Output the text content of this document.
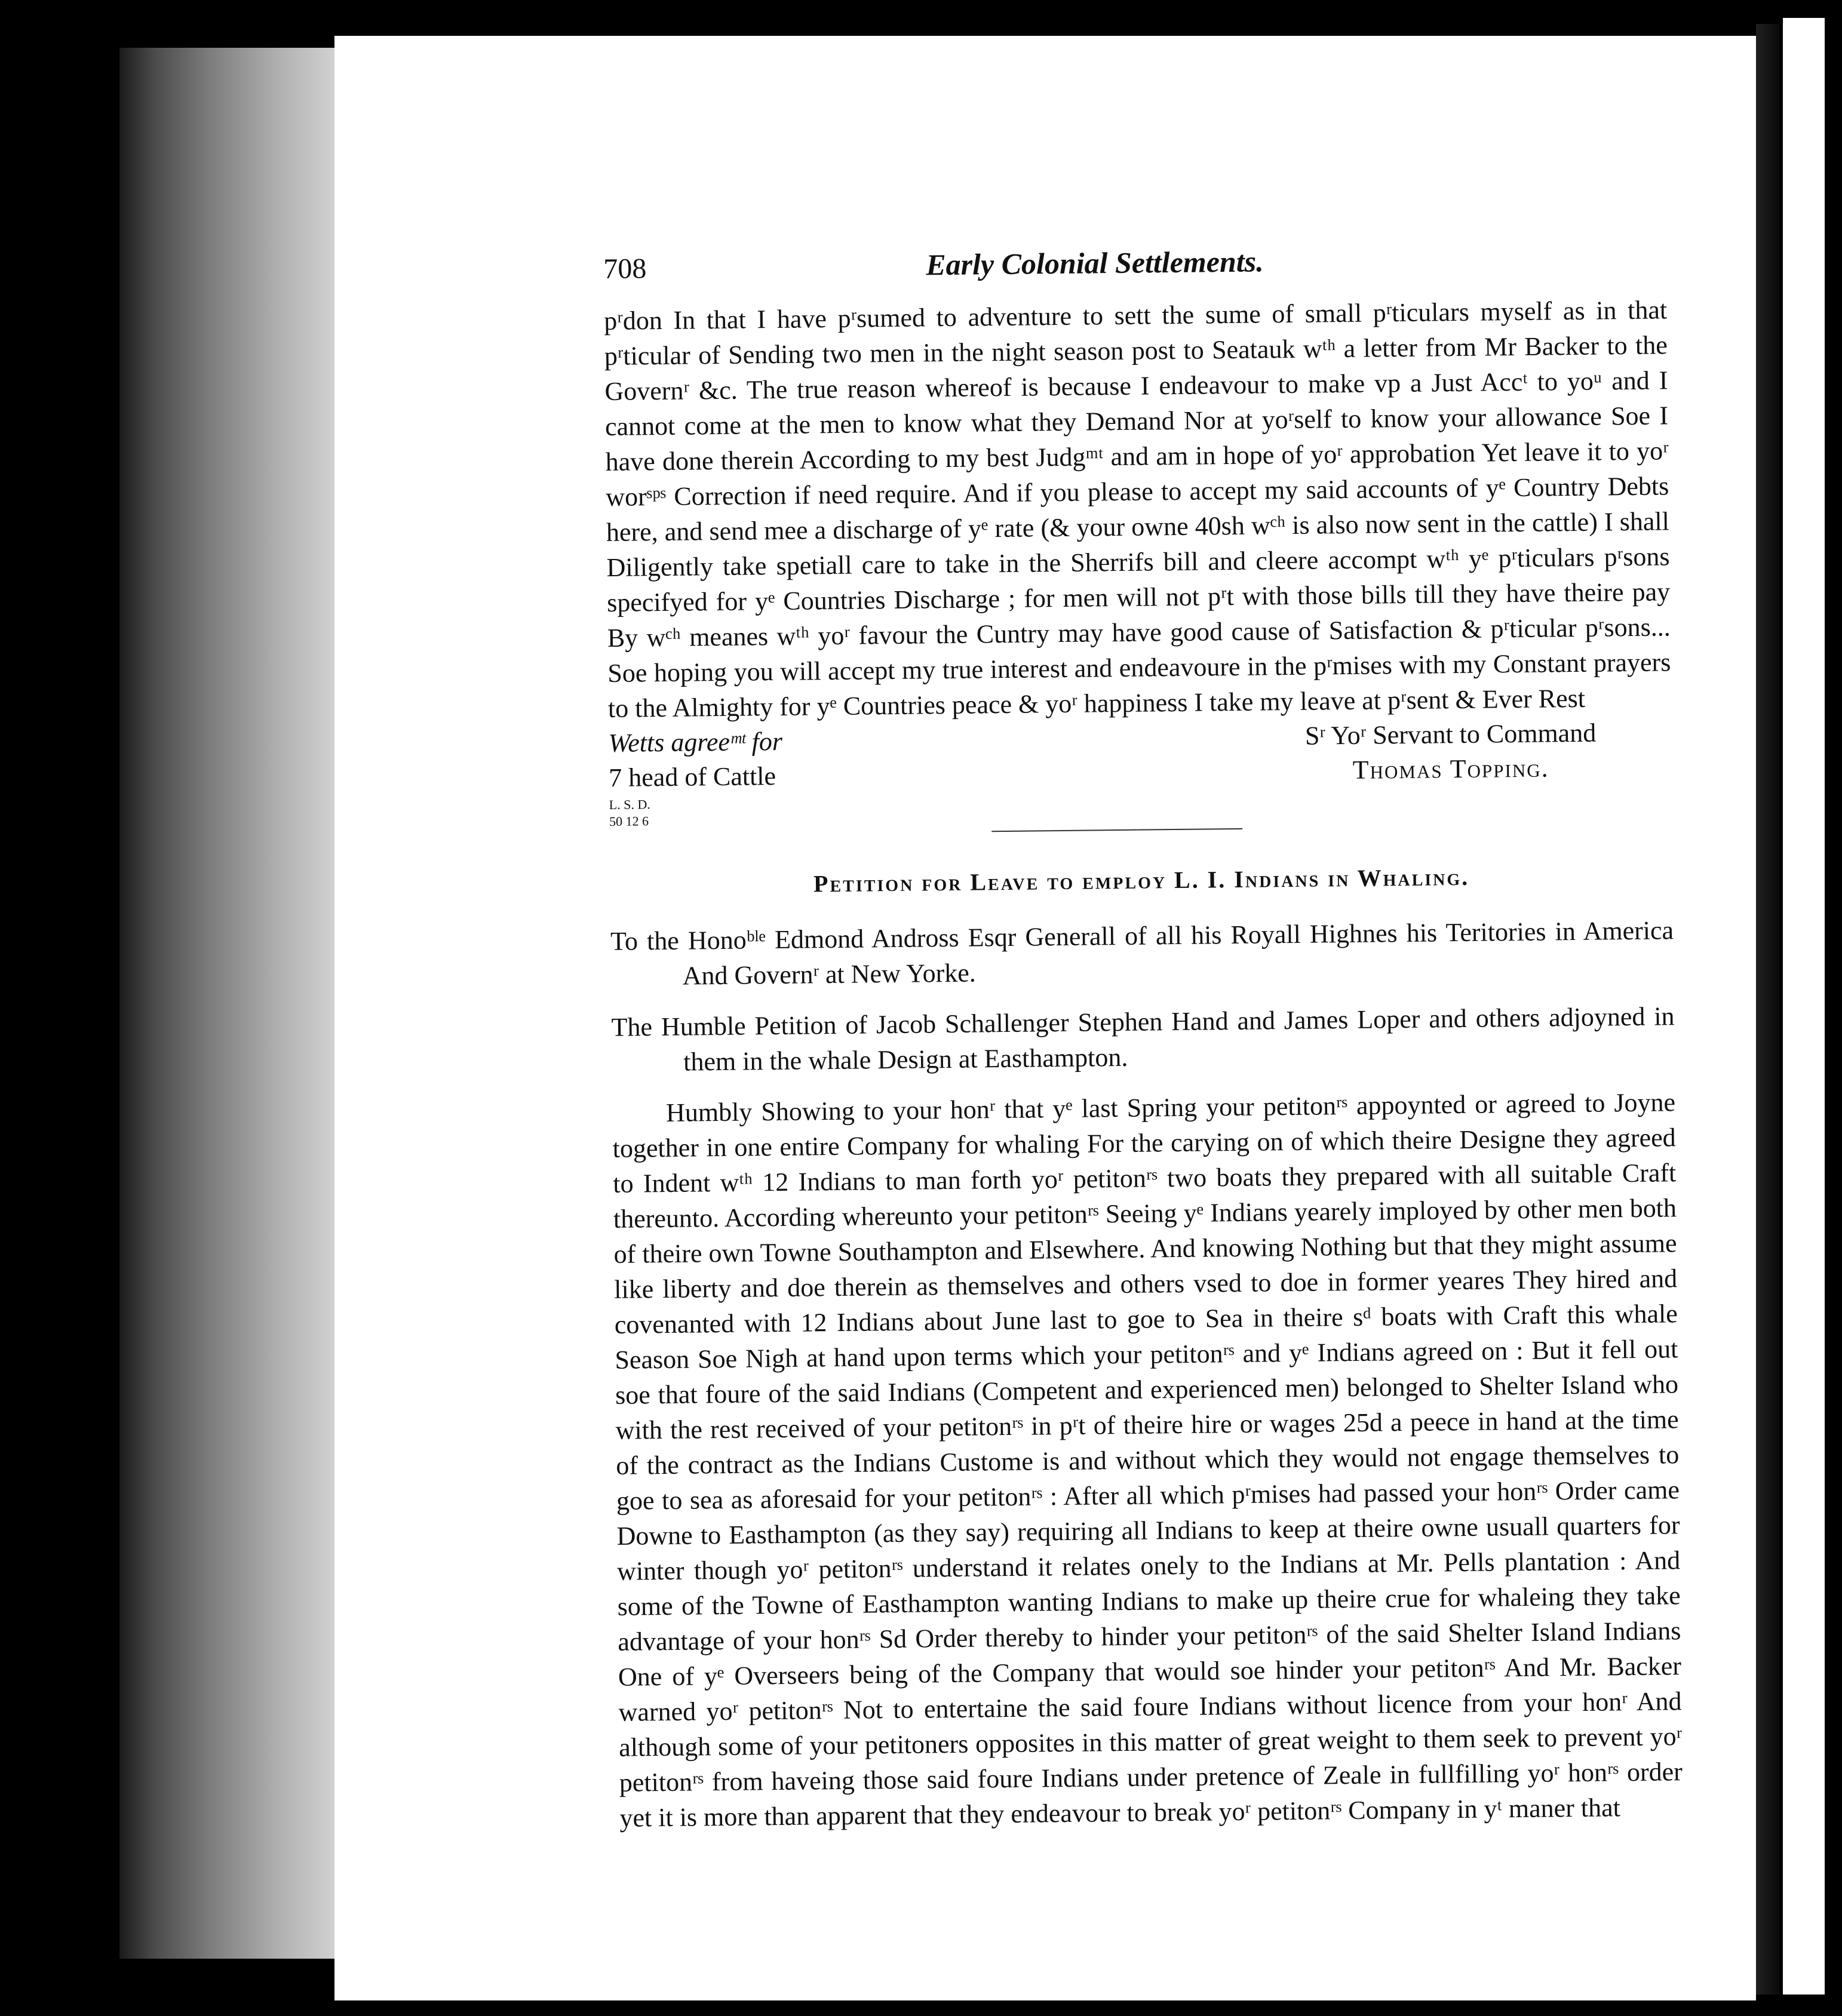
708	Early Colonial Settlements.

pʳdon In that I have pʳsumed to adventure to sett the sume of small pʳticulars myself as in that pʳticular of Sending two men in the night season post to Seatauk wᵗʰ a letter from Mr Backer to the Governʳ &c. The true reason whereof is because I endeavour to make vp a Just Accᵗ to yoᵘ and I cannot come at the men to know what they Demand Nor at yoʳself to know your allowance Soe I have done therein According to my best Judgᵐᵗ and am in hope of yoʳ approbation Yet leave it to yoʳ worˢᵖˢ Correction if need require. And if you please to accept my said accounts of yᵉ Country Debts here, and send mee a discharge of yᵉ rate (& your owne 40sh wᶜʰ is also now sent in the cattle) I shall Diligently take spetiall care to take in the Sherrifs bill and cleere accompt wᵗʰ yᵉ pʳticulars pʳsons specifyed for yᵉ Countries Discharge ; for men will not pʳt with those bills till they have theire pay By wᶜʰ meanes wᵗʰ yoʳ favour the Cuntry may have good cause of Satisfaction & pʳticular pʳsons... Soe hoping you will accept my true interest and endeavoure in the pʳmises with my Constant prayers to the Almighty for yᵉ Countries peace & yoʳ happiness I take my leave at pʳsent & Ever Rest

Wetts agreeᵐᵗ for
7 head of Cattle
L. S. D.
50 12 6
Sʳ Yoʳ Servant to Command
Thomas Topping.
Petition for Leave to employ L. I. Indians in Whaling.

To the Honoᵇˡᵉ Edmond Andross Esqr Generall of all his Royall Highnes his Teritories in America And Governʳ at New Yorke.

The Humble Petition of Jacob Schallenger Stephen Hand and James Loper and others adjoyned in them in the whale Design at Easthampton.

Humbly Showing to your honʳ that yᵉ last Spring your petitonʳˢ appoynted or agreed to Joyne together in one entire Company for whaling For the carying on of which theire Designe they agreed to Indent wᵗʰ 12 Indians to man forth yoʳ petitonʳˢ two boats they prepared with all suitable Craft thereunto. According whereunto your petitonʳˢ Seeing yᵉ Indians yearely imployed by other men both of theire own Towne Southampton and Elsewhere. And knowing Nothing but that they might assume like liberty and doe therein as themselves and others vsed to doe in former yeares They hired and covenanted with 12 Indians about June last to goe to Sea in theire sᵈ boats with Craft this whale Season Soe Nigh at hand upon terms which your petitonʳˢ and yᵉ Indians agreed on : But it fell out soe that foure of the said Indians (Competent and experienced men) belonged to Shelter Island who with the rest received of your petitonʳˢ in pʳt of theire hire or wages 25d a peece in hand at the time of the contract as the Indians Custome is and without which they would not engage themselves to goe to sea as aforesaid for your petitonʳˢ : After all which pʳmises had passed your honʳˢ Order came Downe to Easthampton (as they say) requiring all Indians to keep at theire owne usuall quarters for winter though yoʳ petitonʳˢ understand it relates onely to the Indians at Mr. Pells plantation : And some of the Towne of Easthampton wanting Indians to make up theire crue for whaleing they take advantage of your honʳˢ Sd Order thereby to hinder your petitonʳˢ of the said Shelter Island Indians One of yᵉ Overseers being of the Company that would soe hinder your petitonʳˢ And Mr. Backer warned yoʳ petitonʳˢ Not to entertaine the said foure Indians without licence from your honʳ And although some of your petitoners opposites in this matter of great weight to them seek to prevent yoʳ petitonʳˢ from haveing those said foure Indians under pretence of Zeale in fullfilling yoʳ honʳˢ order yet it is more than apparent that they endeavour to break yoʳ petitonʳˢ Company in yᵗ maner that
